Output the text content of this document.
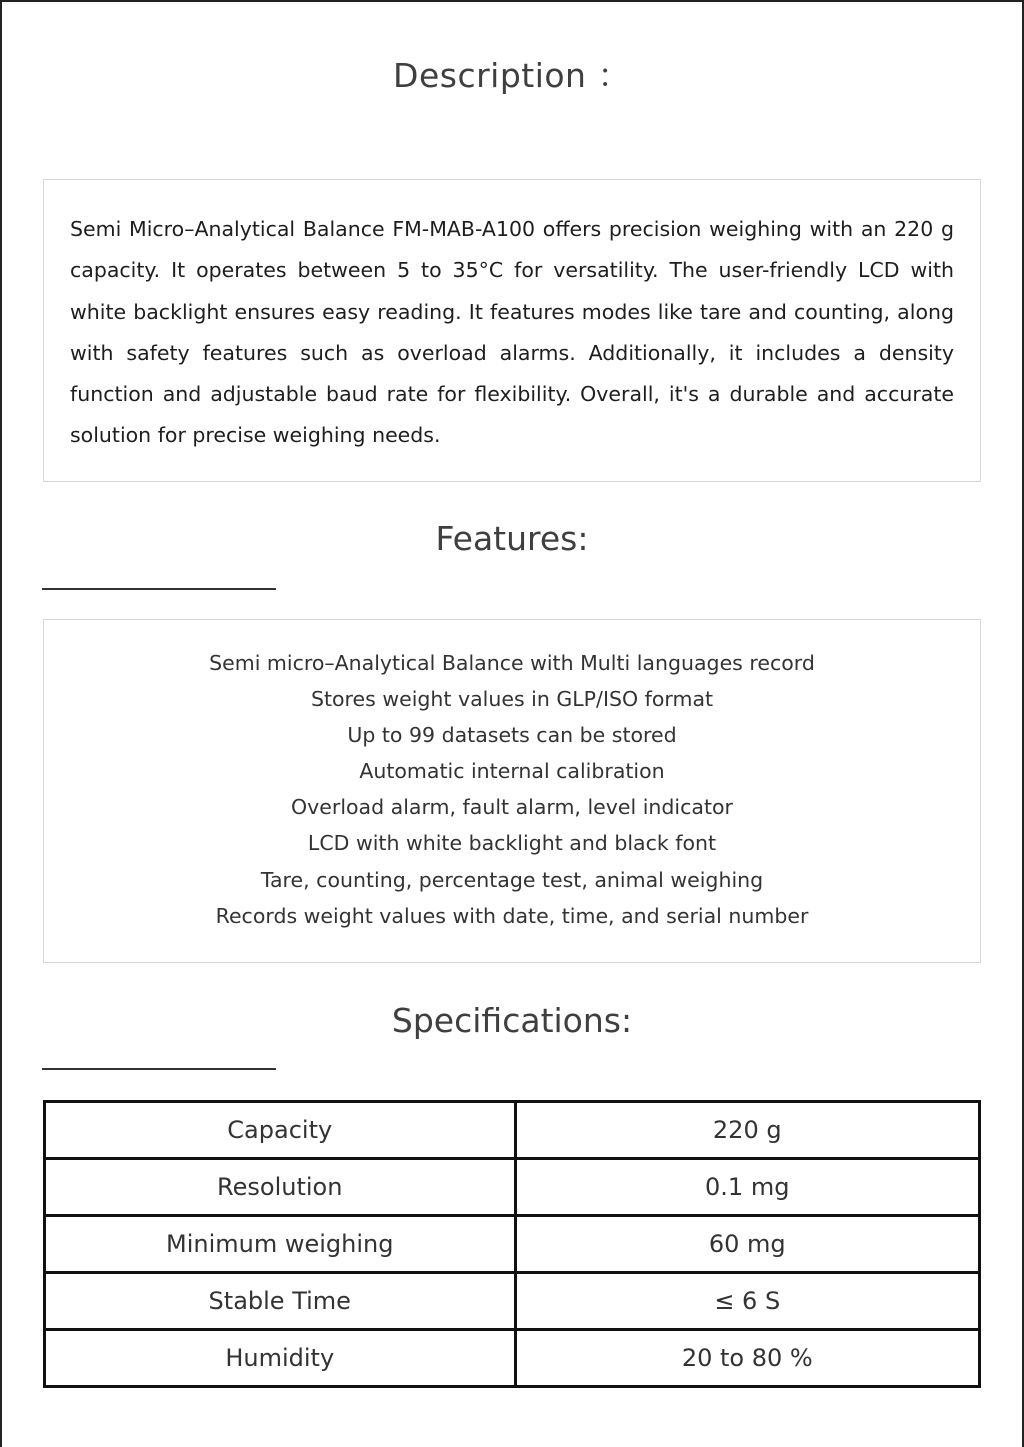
Description ：

Semi Micro–Analytical Balance FM-MAB-A100 offers precision weighing with an 220 g capacity. It operates between 5 to 35°C for versatility. The user-friendly LCD with white backlight ensures easy reading. It features modes like tare and counting, along with safety features such as overload alarms. Additionally, it includes a density function and adjustable baud rate for flexibility. Overall, it's a durable and accurate solution for precise weighing needs.

Features:
Semi micro–Analytical Balance with Multi languages record
Stores weight values in GLP/ISO format
Up to 99 datasets can be stored
Automatic internal calibration
Overload alarm, fault alarm, level indicator
LCD with white backlight and black font
Tare, counting, percentage test, animal weighing
Records weight values with date, time, and serial number
Specifications:
Capacity	220 g
Resolution	0.1 mg
Minimum weighing	60 mg
Stable Time	≤ 6 S
Humidity	20 to 80 %
